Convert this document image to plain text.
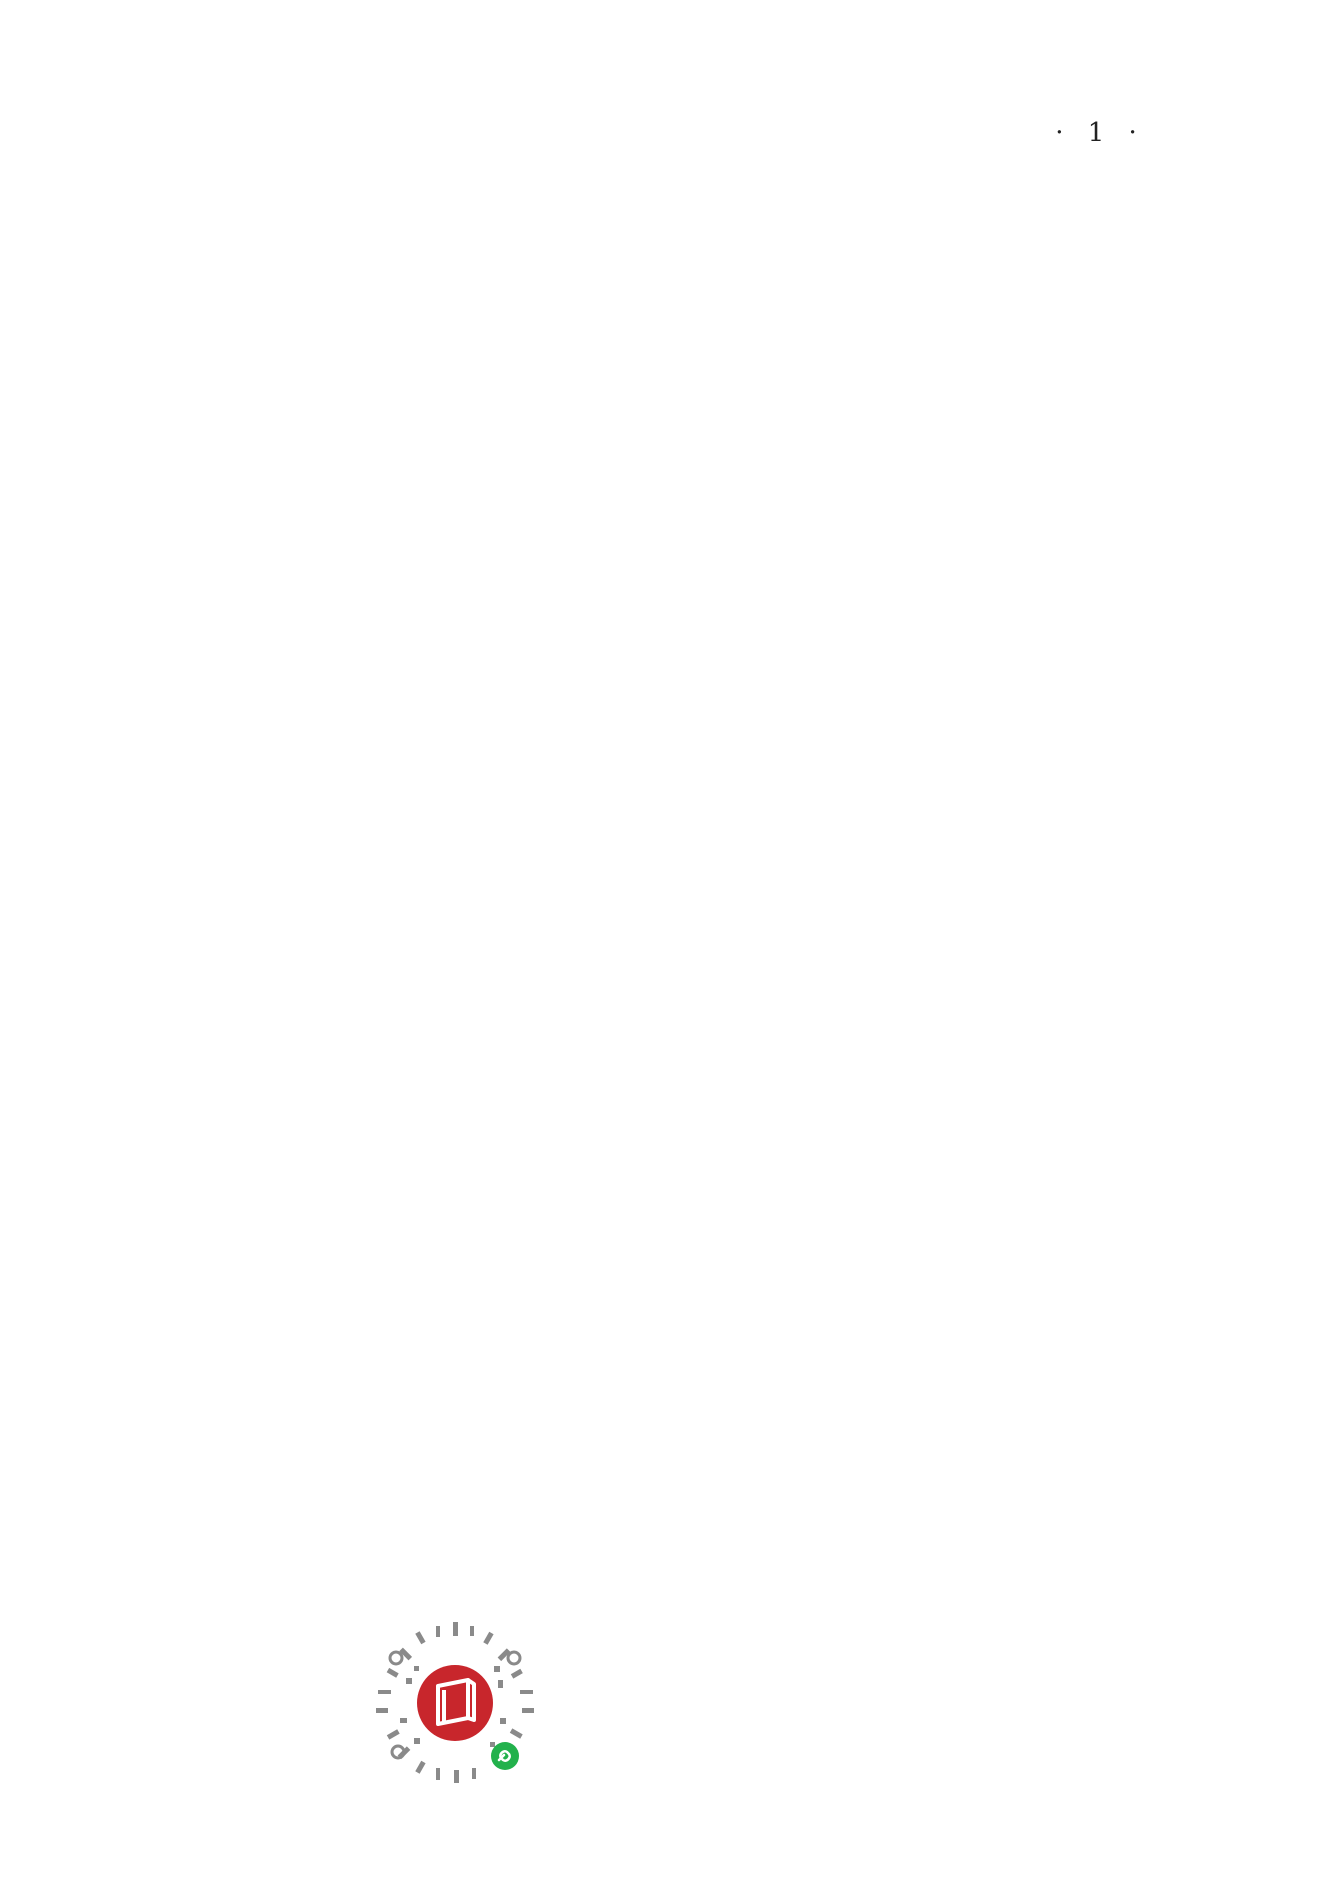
· 1 ·
